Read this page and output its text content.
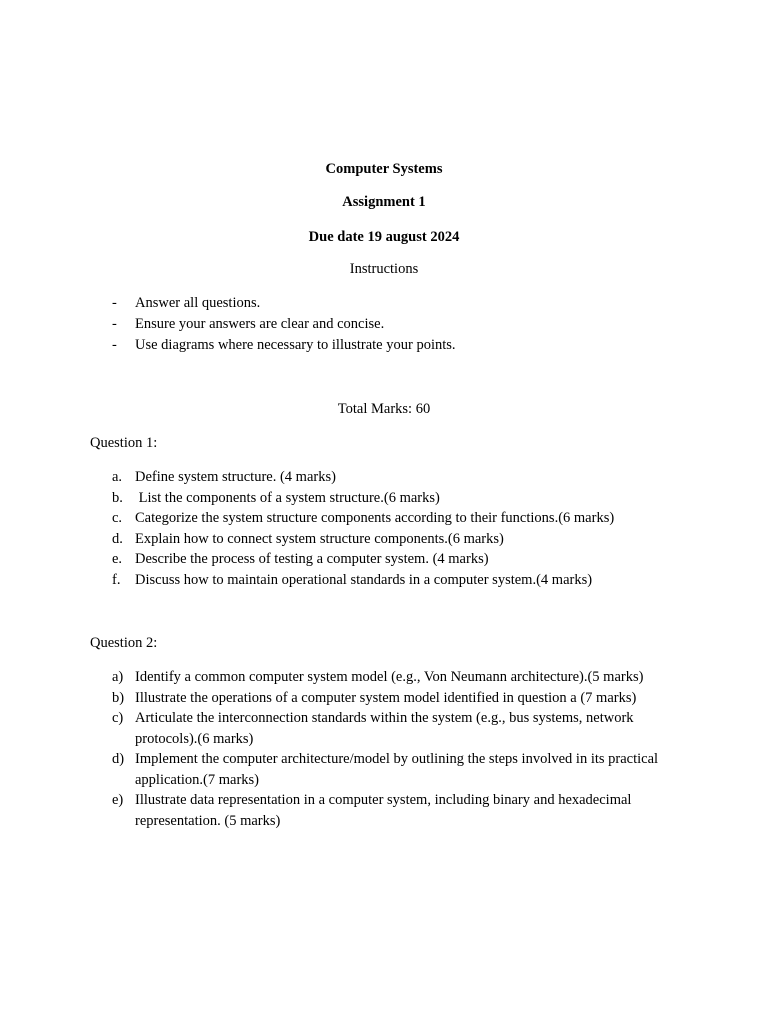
Computer Systems
Assignment 1
Due date 19 august 2024
Instructions
- Answer all questions.
- Ensure your answers are clear and concise.
- Use diagrams where necessary to illustrate your points.
Total Marks: 60
Question 1:
a. Define system structure. (4 marks)
b. List the components of a system structure.(6 marks)
c. Categorize the system structure components according to their functions.(6 marks)
d. Explain how to connect system structure components.(6 marks)
e. Describe the process of testing a computer system. (4 marks)
f. Discuss how to maintain operational standards in a computer system.(4 marks)
Question 2:
a) Identify a common computer system model (e.g., Von Neumann architecture).(5 marks)
b) Illustrate the operations of a computer system model identified in question a (7 marks)
c) Articulate the interconnection standards within the system (e.g., bus systems, network protocols).(6 marks)
d) Implement the computer architecture/model by outlining the steps involved in its practical application.(7 marks)
e) Illustrate data representation in a computer system, including binary and hexadecimal representation. (5 marks)
